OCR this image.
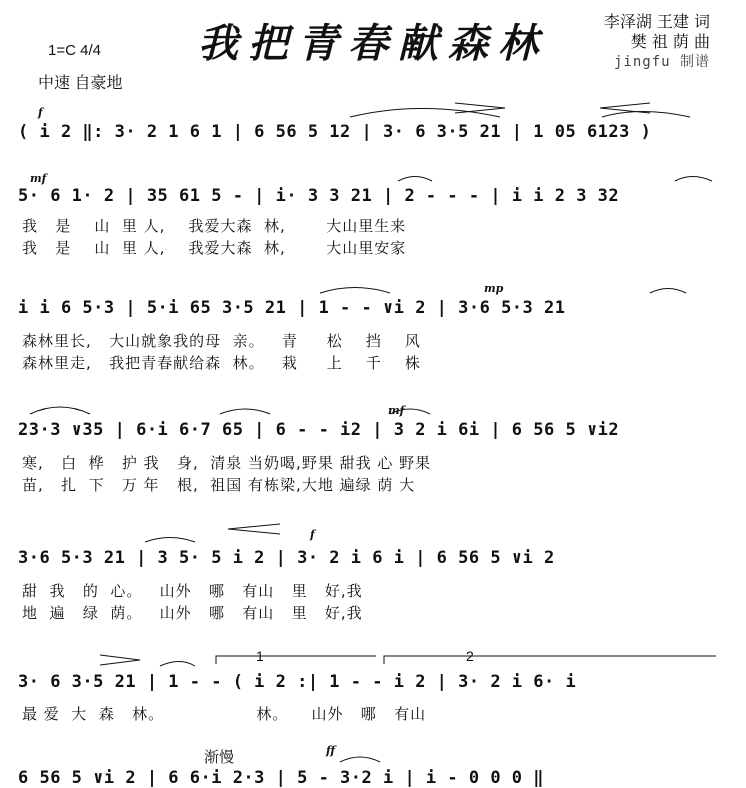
我把青春献森林	李泽湖 王建 词
樊 祖 荫 曲
jingfu 制谱
1=C 4/4
中速 自豪地
f
( i 2 ‖: 3· 2 1 6 1 | 6 56 5 12 | 3· 6 3·5 21 | 1 05 6123 )
mf
5· 6 1· 2 | 35 61 5 - | i· 3 3 21 | 2 - - - | i i 2 3 32
我   是    山  里 人,    我爱大森  林,       大山里生来
我   是    山  里 人,    我爱大森  林,       大山里安家
mp
i i 6 5·3 | 5·i 65 3·5 21 | 1 - - ∨i 2 | 3·6 5·3 21
森林里长,   大山就象我的母  亲。   青     松    挡    风
森林里走,   我把青春献给森  林。   栽     上    千    株
mf
23·3 ∨35 | 6·i 6·7 65 | 6 - - i2 | 3 2 i 6i | 6 56 5 ∨i2
寒,   白  桦   护 我   身,  清泉 当奶喝,野果 甜我 心 野果
苗,   扎  下   万 年   根,  祖国 有栋梁,大地 遍绿 荫 大
f
3·6 5·3 21 | 3 5· 5 i 2 | 3· 2 i 6 i | 6 56 5 ∨i 2
甜  我   的  心。   山外   哪   有山   里   好,我
地  遍   绿  荫。   山外   哪   有山   里   好,我
1	2
3· 6 3·5 21 | 1 - - ( i 2 :| 1 - - i 2 | 3· 2 i 6· i
最 爱  大  森   林。                林。    山外   哪   有山
渐慢	ff
6 56 5 ∨i 2 | 6 6·i 2·3 | 5 - 3·2 i | i - 0 0 0 ‖
